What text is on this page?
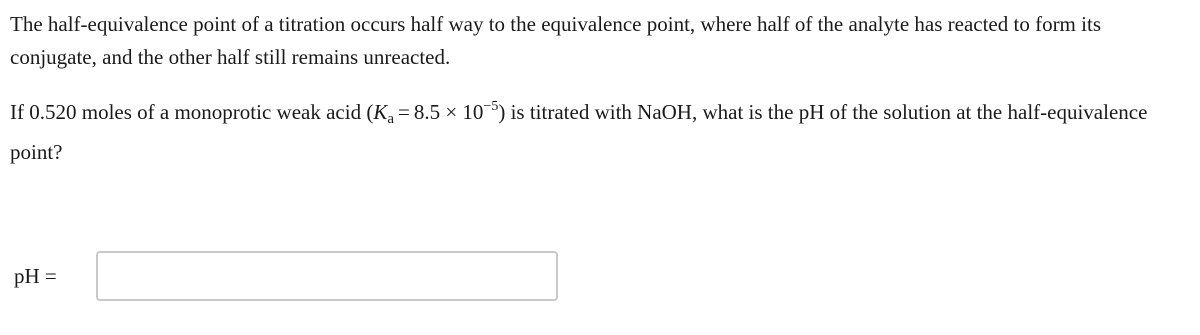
The half-equivalence point of a titration occurs half way to the equivalence point, where half of the analyte has reacted to form its conjugate, and the other half still remains unreacted.

If 0.520 moles of a monoprotic weak acid $(K_a = 8.5 \times 10^{-5})$ is titrated with NaOH, what is the pH of the solution at the half-equivalence point?

pH =
